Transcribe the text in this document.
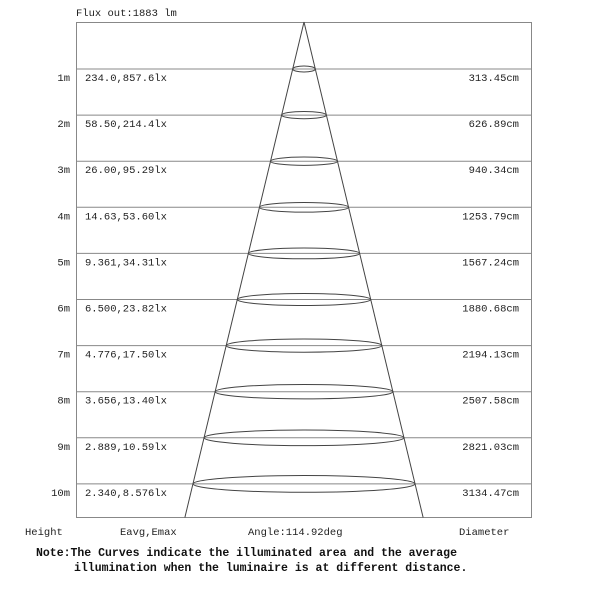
Flux out:1883 lm
1m 234.0,857.6lx	313.45cm
2m 58.50,214.4lx	626.89cm
3m 26.00,95.29lx	940.34cm
4m 14.63,53.60lx	1253.79cm
5m 9.361,34.31lx	1567.24cm
6m 6.500,23.82lx	1880.68cm
7m 4.776,17.50lx	2194.13cm
8m 3.656,13.40lx	2507.58cm
9m 2.889,10.59lx	2821.03cm
10m 2.340,8.576lx	3134.47cm
Height	Eavg,Emax	Angle:114.92deg	Diameter
Note:The Curves indicate the illuminated area and the average
illumination when the luminaire is at different distance.
